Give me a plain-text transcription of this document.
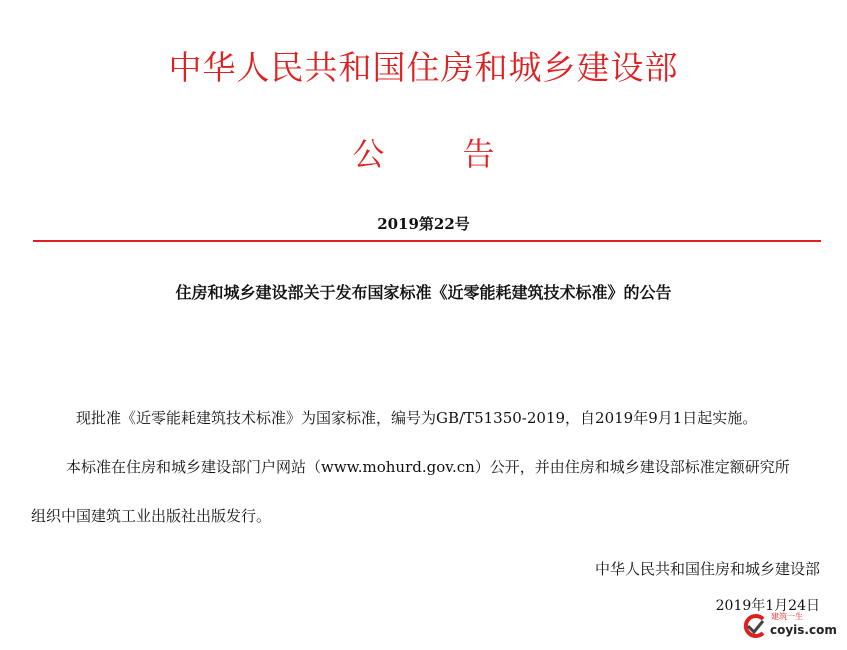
中华人民共和国住房和城乡建设部
公告
2019第22号
住房和城乡建设部关于发布国家标准《近零能耗建筑技术标准》的公告
现批准《近零能耗建筑技术标准》为国家标准，编号为GB/T51350-2019，自2019年9月1日起实施。
本标准在住房和城乡建设部门户网站（www.mohurd.gov.cn）公开，并由住房和城乡建设部标准定额研究所
组织中国建筑工业出版社出版发行。
中华人民共和国住房和城乡建设部
2019年1月24日
建筑一生
coyis.com
